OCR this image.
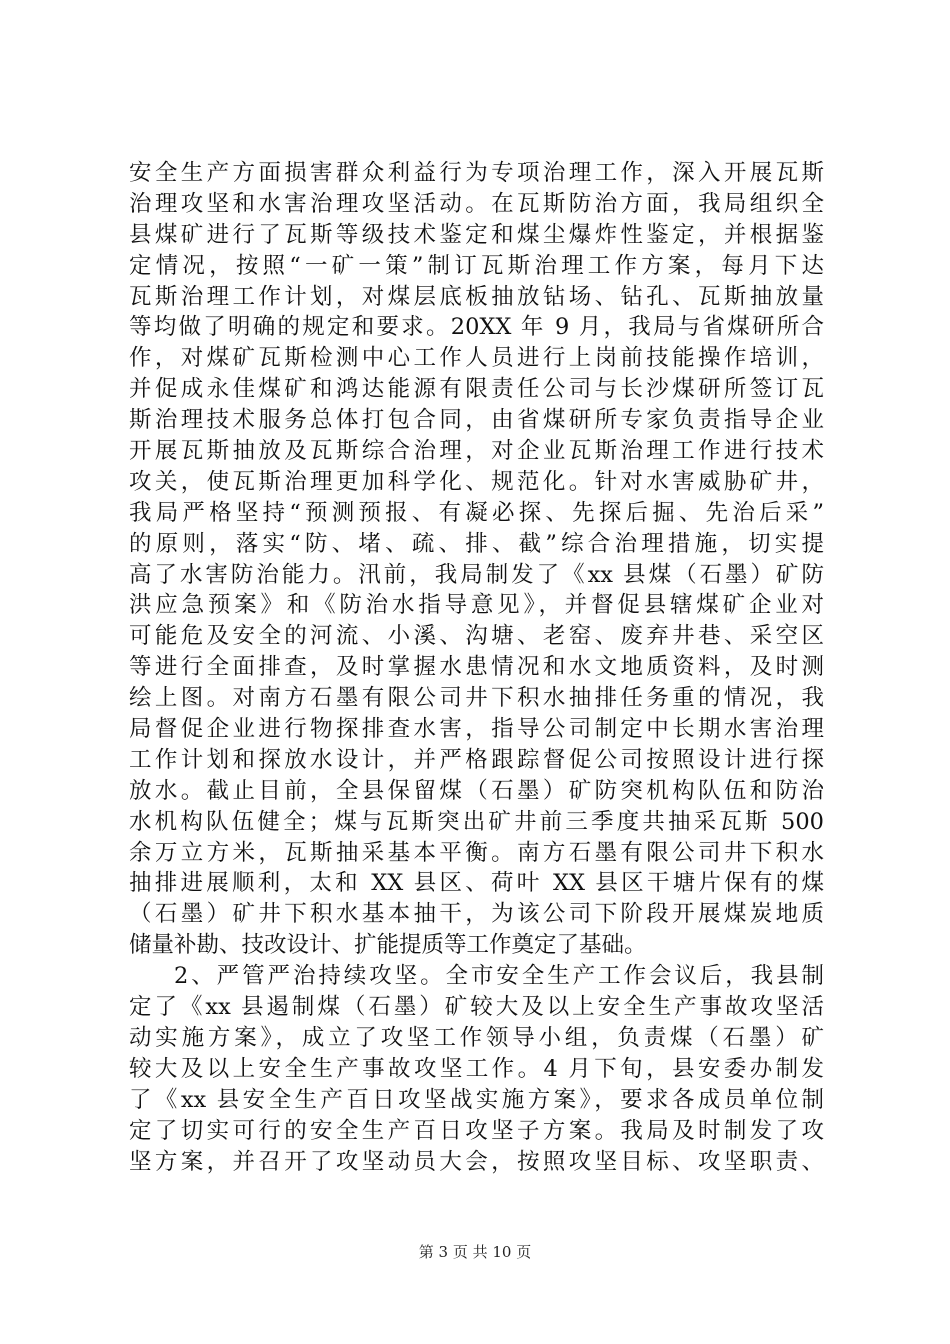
安全生产方面损害群众利益行为专项治理工作，深入开展瓦斯
治理攻坚和水害治理攻坚活动。在瓦斯防治方面，我局组织全
县煤矿进行了瓦斯等级技术鉴定和煤尘爆炸性鉴定，并根据鉴
定情况，按照“一矿一策”制订瓦斯治理工作方案，每月下达
瓦斯治理工作计划，对煤层底板抽放钻场、钻孔、瓦斯抽放量
等均做了明确的规定和要求。20XX 年 9 月，我局与省煤研所合
作，对煤矿瓦斯检测中心工作人员进行上岗前技能操作培训，
并促成永佳煤矿和鸿达能源有限责任公司与长沙煤研所签订瓦
斯治理技术服务总体打包合同，由省煤研所专家负责指导企业
开展瓦斯抽放及瓦斯综合治理，对企业瓦斯治理工作进行技术
攻关，使瓦斯治理更加科学化、规范化。针对水害威胁矿井，
我局严格坚持“预测预报、有凝必探、先探后掘、先治后采”
的原则，落实“防、堵、疏、排、截”综合治理措施，切实提
高了水害防治能力。汛前，我局制发了《xx 县煤（石墨）矿防
洪应急预案》和《防治水指导意见》，并督促县辖煤矿企业对
可能危及安全的河流、小溪、沟塘、老窑、废弃井巷、采空区
等进行全面排查，及时掌握水患情况和水文地质资料，及时测
绘上图。对南方石墨有限公司井下积水抽排任务重的情况，我
局督促企业进行物探排查水害，指导公司制定中长期水害治理
工作计划和探放水设计，并严格跟踪督促公司按照设计进行探
放水。截止目前，全县保留煤（石墨）矿防突机构队伍和防治
水机构队伍健全；煤与瓦斯突出矿井前三季度共抽采瓦斯 500
余万立方米，瓦斯抽采基本平衡。南方石墨有限公司井下积水
抽排进展顺利，太和 XX 县区、荷叶 XX 县区干塘片保有的煤
（石墨）矿井下积水基本抽干，为该公司下阶段开展煤炭地质
储量补勘、技改设计、扩能提质等工作奠定了基础。
2、严管严治持续攻坚。全市安全生产工作会议后，我县制
定了《xx 县遏制煤（石墨）矿较大及以上安全生产事故攻坚活
动实施方案》，成立了攻坚工作领导小组，负责煤（石墨）矿
较大及以上安全生产事故攻坚工作。4 月下旬，县安委办制发
了《xx 县安全生产百日攻坚战实施方案》，要求各成员单位制
定了切实可行的安全生产百日攻坚子方案。我局及时制发了攻
坚方案，并召开了攻坚动员大会，按照攻坚目标、攻坚职责、
第 3 页 共 10 页
